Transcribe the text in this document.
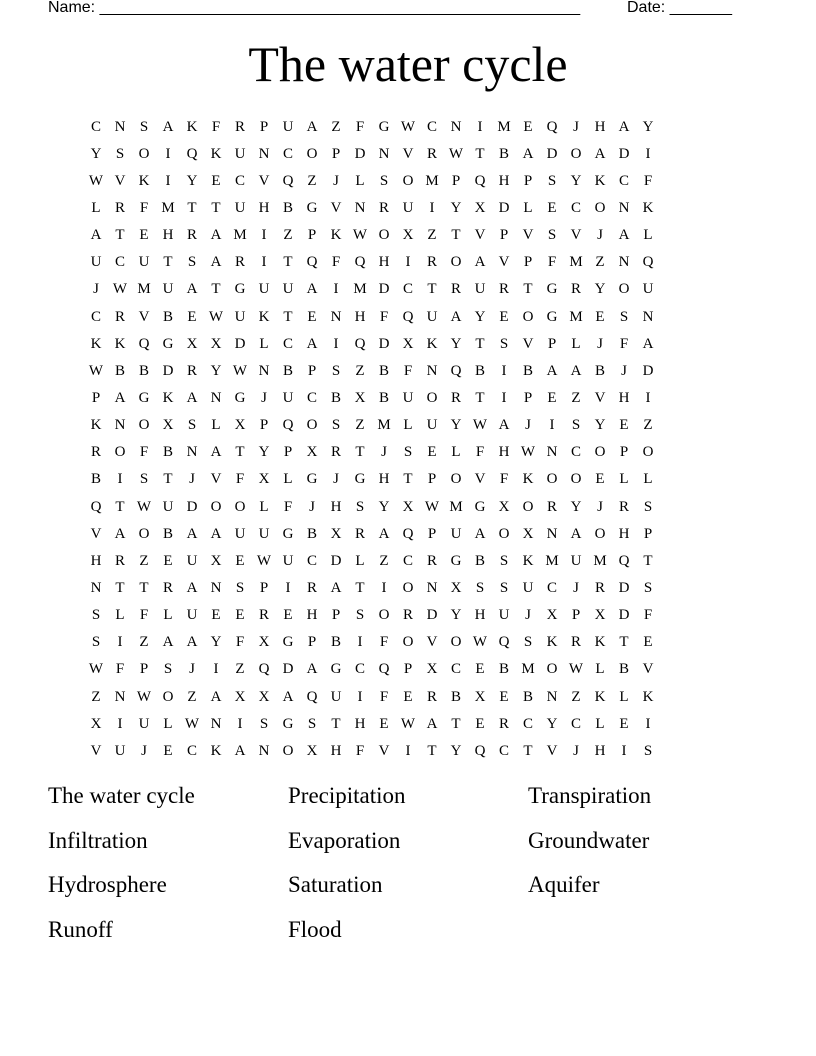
Name: ______________________________________________________

	Date: _______

The water cycle
C N S A K F R P U A Z	F G W C N	I M E Q	J	H A Y
Y S O	I	Q K U N C O P D N V R W T B A D O A D	I
W V K	I	Y E C V Q Z	J	L	S O M P Q H P	S Y K C F
L R F M T T U H B G V N R U	I	Y X D L E C O N K
A T E H R A M I	Z	P K W O X Z T V P V S V	J	A L
U C U T	S A R	I	T Q F Q H	I	R O A V P	F M Z N Q
J W M U A T G U U A	I M D C T R U R T G R Y O U
C R V B E W U K T E N H F Q U A Y E O G M E	S N
K K Q G X X D L C A	I	Q D X K Y T	S V P	L	J	F A
W B B D R Y W N B P	S	Z B F N Q B	I	B A A B	J	D
P A G K A N G	J	U C B X B U O R T	I	P	E Z V H	I
K N O X S	L X P Q O S	Z M L U Y W A	J	I	S Y E Z
R O F B N A T Y P X R T	J	S	E L	F H W N C O P O
B	I	S	T	J	V F X L G	J	G H T	P O V F K O O E L L
Q T W U D O O L	F	J	H S Y X W M G X O R Y	J	R S
V A O B A A U U G B X R A Q P U A O X N A O H P
H R Z E U X E W U C D L Z C R G B S K M U M Q T
N T T R A N S	P	I	R A T	I	O N X S	S U C	J	R D S
S	L	F	L U E E R E H P	S O R D Y H U	J	X P X D F
S	I	Z A A Y F X G P B	I	F O V O W Q S K R K T E
W F	P	S	J	I	Z Q D A G C Q P X C E B M O W L B V
Z N W O Z A X X A Q U	I	F	E R B X E B N Z K L K
X	I	U L W N	I	S G S	T H E W A T E R C Y C L E	I
V U	J	E C K A N O X H F V	I	T Y Q C T V	J	H	I	S
The water cycle	Precipitation	Transpiration
Infiltration	Evaporation	Groundwater
Hydrosphere	Saturation	Aquifer
Runoff	Flood
